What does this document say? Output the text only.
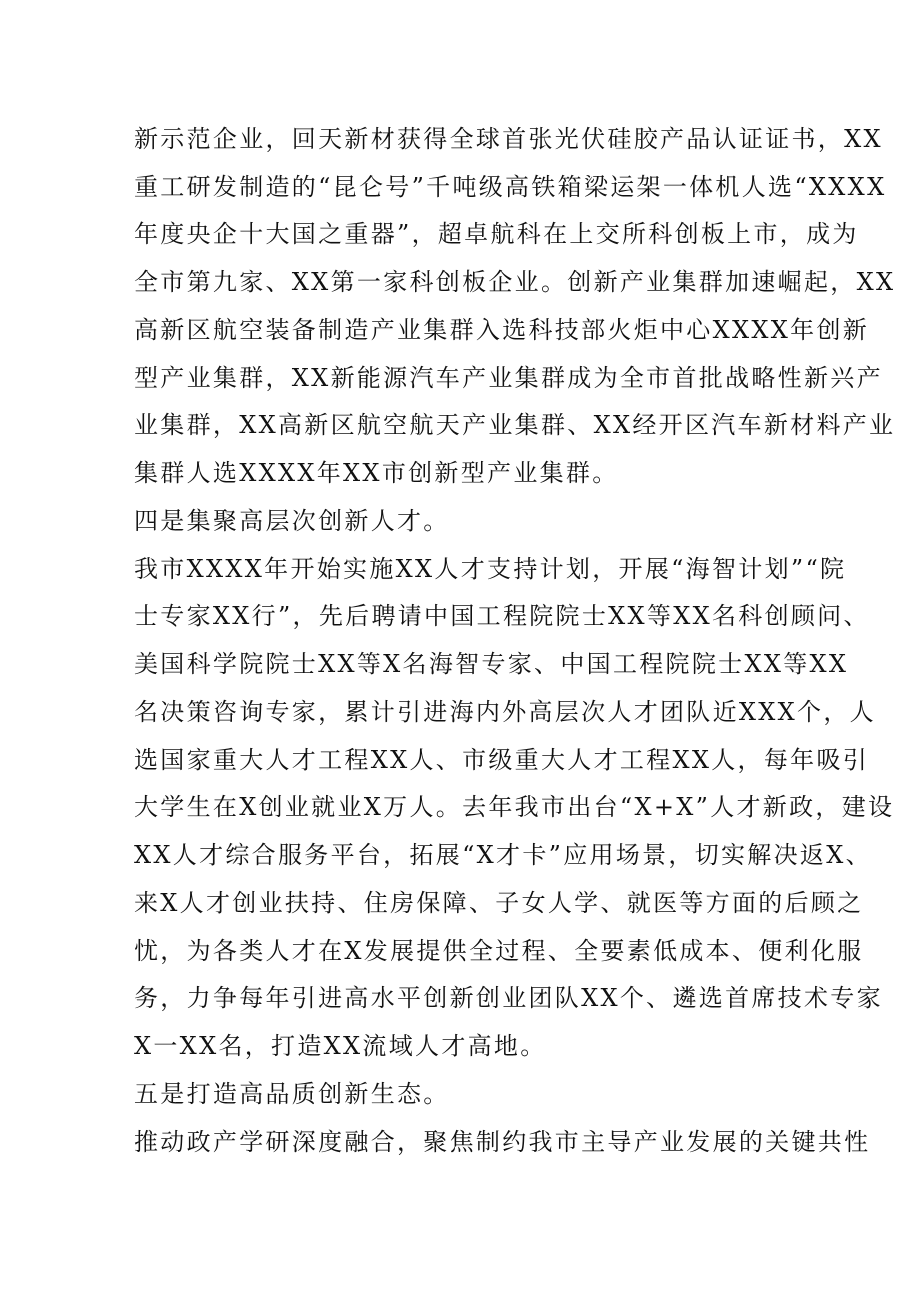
新示范企业，回天新材获得全球首张光伏硅胶产品认证证书，XX
重工研发制造的“昆仑号”千吨级高铁箱梁运架一体机人选“XXXX
年度央企十大国之重器”，超卓航科在上交所科创板上市，成为
全市第九家、XX第一家科创板企业。创新产业集群加速崛起，XX
高新区航空装备制造产业集群入选科技部火炬中心XXXX年创新
型产业集群，XX新能源汽车产业集群成为全市首批战略性新兴产
业集群，XX高新区航空航天产业集群、XX经开区汽车新材料产业
集群人选XXXX年XX市创新型产业集群。
四是集聚高层次创新人才。
我市XXXX年开始实施XX人才支持计划，开展“海智计划”“院
士专家XX行”，先后聘请中国工程院院士XX等XX名科创顾问、
美国科学院院士XX等X名海智专家、中国工程院院士XX等XX
名决策咨询专家，累计引进海内外高层次人才团队近XXX个，人
选国家重大人才工程XX人、市级重大人才工程XX人，每年吸引
大学生在X创业就业X万人。去年我市出台“X+X”人才新政，建设
XX人才综合服务平台，拓展“X才卡”应用场景，切实解决返X、
来X人才创业扶持、住房保障、子女人学、就医等方面的后顾之
忧，为各类人才在X发展提供全过程、全要素低成本、便利化服
务，力争每年引进高水平创新创业团队XX个、遴选首席技术专家
X一XX名，打造XX流域人才高地。
五是打造高品质创新生态。
推动政产学研深度融合，聚焦制约我市主导产业发展的关键共性
